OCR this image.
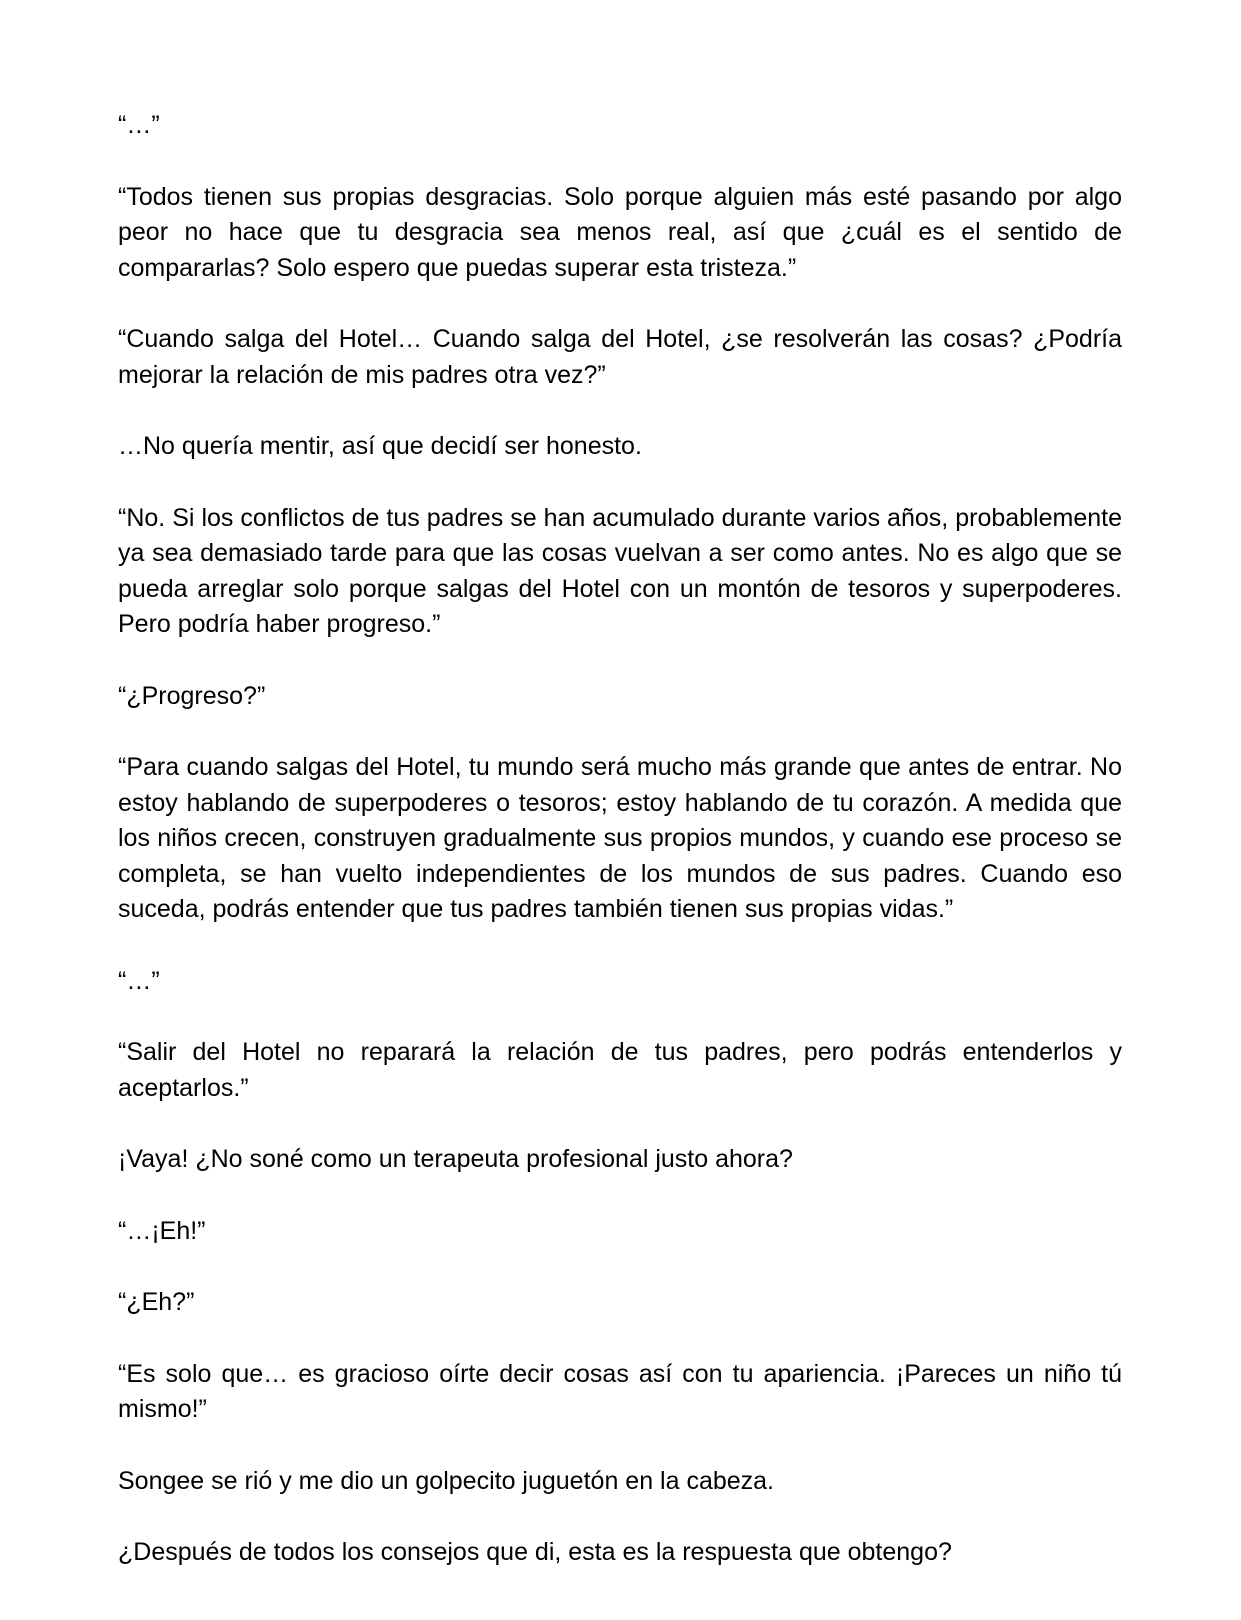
“…”

“Todos tienen sus propias desgracias. Solo porque alguien más esté pasando por algo peor no hace que tu desgracia sea menos real, así que ¿cuál es el sentido de compararlas? Solo espero que puedas superar esta tristeza.”

“Cuando salga del Hotel… Cuando salga del Hotel, ¿se resolverán las cosas? ¿Podría mejorar la relación de mis padres otra vez?”

…No quería mentir, así que decidí ser honesto.

“No. Si los conflictos de tus padres se han acumulado durante varios años, probablemente ya sea demasiado tarde para que las cosas vuelvan a ser como antes. No es algo que se pueda arreglar solo porque salgas del Hotel con un montón de tesoros y superpoderes. Pero podría haber progreso.”

“¿Progreso?”

“Para cuando salgas del Hotel, tu mundo será mucho más grande que antes de entrar. No estoy hablando de superpoderes o tesoros; estoy hablando de tu corazón. A medida que los niños crecen, construyen gradualmente sus propios mundos, y cuando ese proceso se completa, se han vuelto independientes de los mundos de sus padres. Cuando eso suceda, podrás entender que tus padres también tienen sus propias vidas.”

“…”

“Salir del Hotel no reparará la relación de tus padres, pero podrás entenderlos y aceptarlos.”

¡Vaya! ¿No soné como un terapeuta profesional justo ahora?

“…¡Eh!”

“¿Eh?”

“Es solo que… es gracioso oírte decir cosas así con tu apariencia. ¡Pareces un niño tú mismo!”

Songee se rió y me dio un golpecito juguetón en la cabeza.

¿Después de todos los consejos que di, esta es la respuesta que obtengo?
